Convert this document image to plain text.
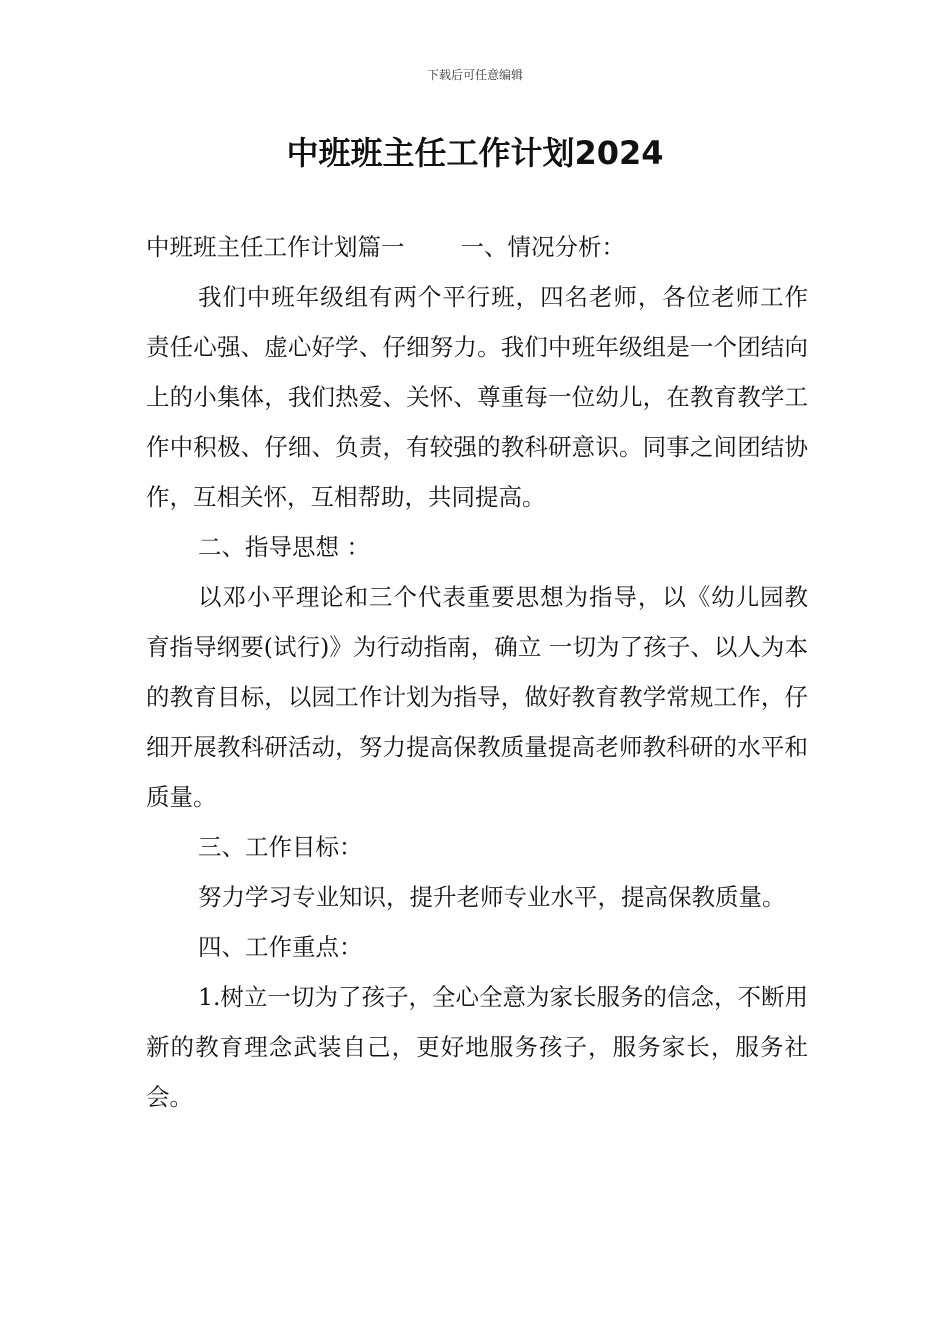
下载后可任意编辑
中班班主任工作计划2024

中班班主任工作计划篇一 一、情况分析：

我们中班年级组有两个平行班，四名老师，各位老师工作责任心强、虚心好学、仔细努力。我们中班年级组是一个团结向上的小集体，我们热爱、关怀、尊重每一位幼儿，在教育教学工作中积极、仔细、负责，有较强的教科研意识。同事之间团结协作，互相关怀，互相帮助，共同提高。

二、指导思想 ：

以邓小平理论和三个代表重要思想为指导，以《幼儿园教育指导纲要(试行)》为行动指南，确立 一切为了孩子、以人为本的教育目标，以园工作计划为指导，做好教育教学常规工作，仔细开展教科研活动，努力提高保教质量提高老师教科研的水平和质量。

三、工作目标：

努力学习专业知识，提升老师专业水平，提高保教质量。

四、工作重点：

1.树立一切为了孩子，全心全意为家长服务的信念，不断用新的教育理念武装自己，更好地服务孩子，服务家长，服务社会。
